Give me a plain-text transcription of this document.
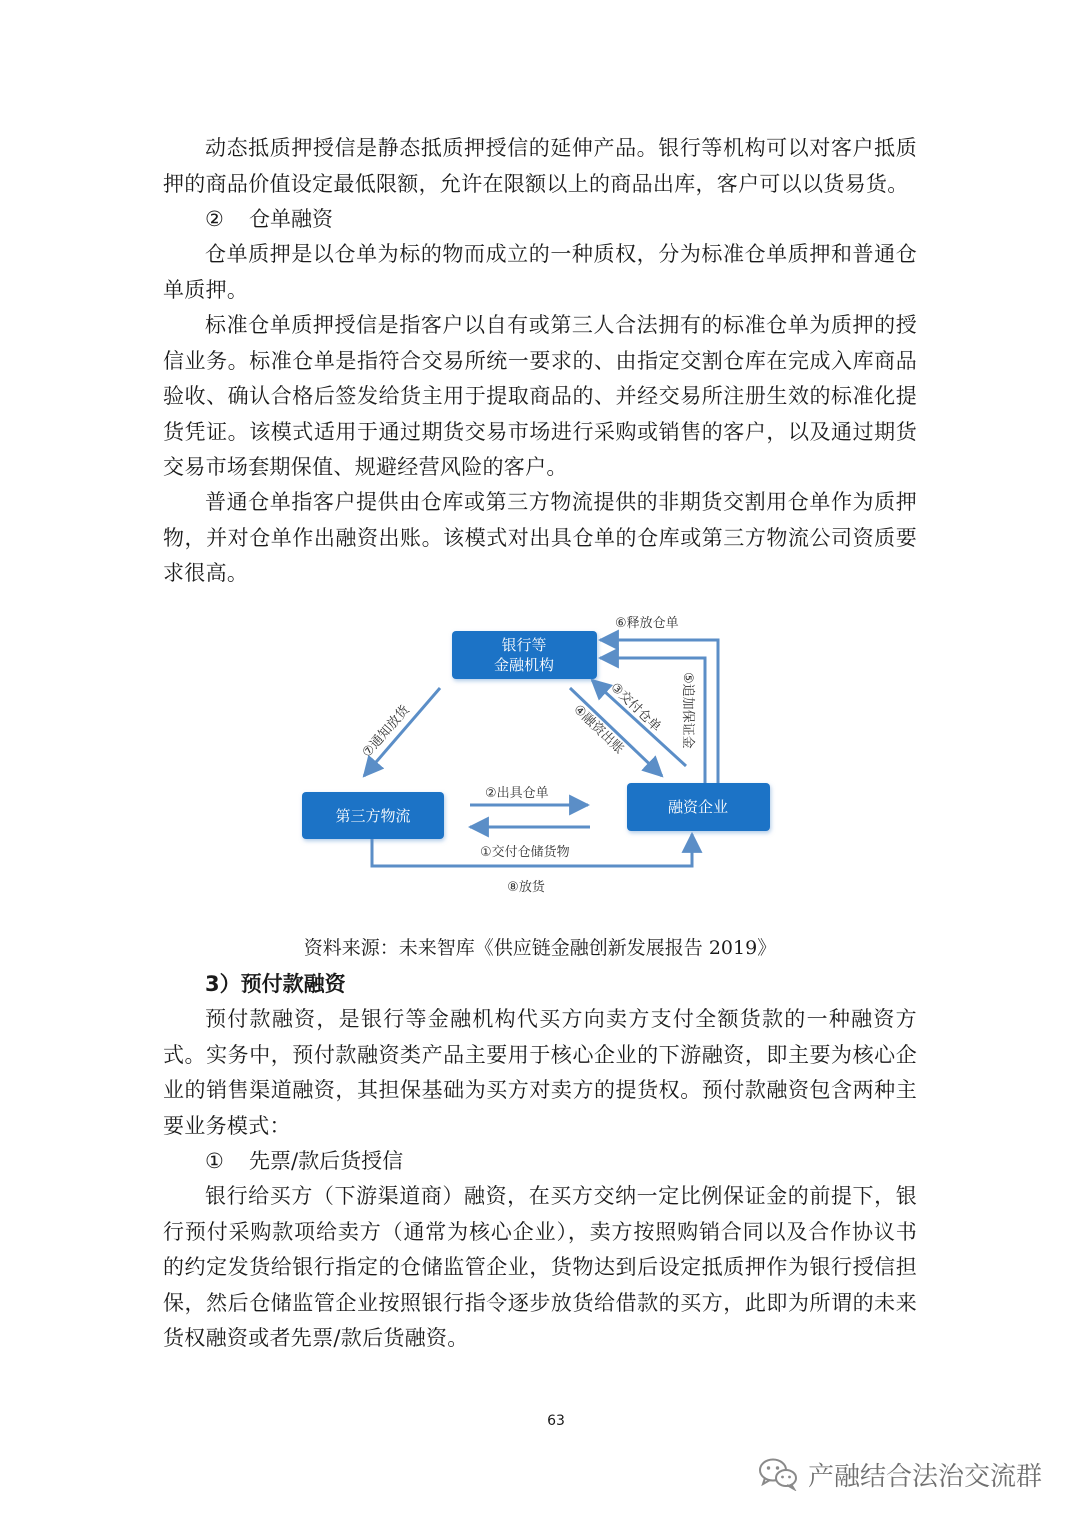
动态抵质押授信是静态抵质押授信的延伸产品。银行等机构可以对客户抵质押的商品价值设定最低限额，允许在限额以上的商品出库，客户可以以货易货。

② 仓单融资

仓单质押是以仓单为标的物而成立的一种质权，分为标准仓单质押和普通仓单质押。

标准仓单质押授信是指客户以自有或第三人合法拥有的标准仓单为质押的授信业务。标准仓单是指符合交易所统一要求的、由指定交割仓库在完成入库商品验收、确认合格后签发给货主用于提取商品的、并经交易所注册生效的标准化提货凭证。该模式适用于通过期货交易市场进行采购或销售的客户，以及通过期货交易市场套期保值、规避经营风险的客户。

普通仓单指客户提供由仓库或第三方物流提供的非期货交割用仓单作为质押物，并对仓单作出融资出账。该模式对出具仓单的仓库或第三方物流公司资质要求很高。

银行等
金融机构
第三方物流	融资企业
⑦通知放货	④融资出账
③交付仓单
⑥释放仓单
⑤追加保证金
②出具仓单
①交付仓储货物
⑧放货

资料来源：未来智库《供应链金融创新发展报告 2019》

3）预付款融资

预付款融资，是银行等金融机构代买方向卖方支付全额货款的一种融资方式。实务中，预付款融资类产品主要用于核心企业的下游融资，即主要为核心企业的销售渠道融资，其担保基础为买方对卖方的提货权。预付款融资包含两种主要业务模式：

① 先票/款后货授信

银行给买方（下游渠道商）融资，在买方交纳一定比例保证金的前提下，银行预付采购款项给卖方（通常为核心企业），卖方按照购销合同以及合作协议书的约定发货给银行指定的仓储监管企业，货物达到后设定抵质押作为银行授信担保，然后仓储监管企业按照银行指令逐步放货给借款的买方，此即为所谓的未来货权融资或者先票/款后货融资。

63

产融结合法治交流群
